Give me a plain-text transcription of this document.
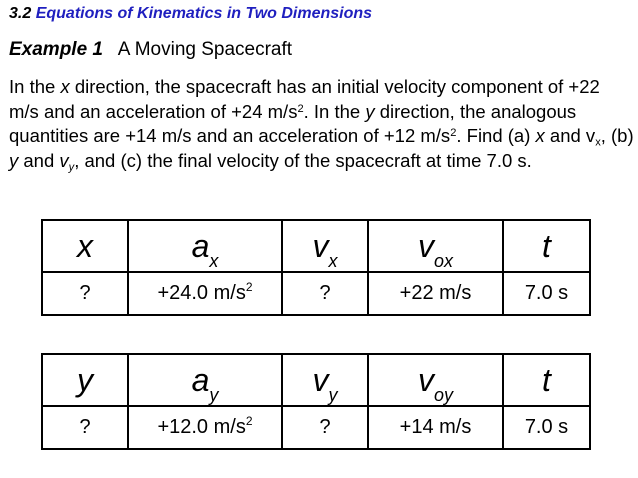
3.2 Equations of Kinematics in Two Dimensions
Example 1 A Moving Spacecraft
In the x direction, the spacecraft has an initial velocity component of +22 m/s and an acceleration of +24 $m/s^2$. In the y direction, the analogous quantities are +14 m/s and an acceleration of +12 $m/s^2$. Find (a) x and $v_x$, (b) y and $v_y$, and (c) the final velocity of the spacecraft at time 7.0 s.
x	$a_x$	$v_x$	$v_{ox}$	t
?	+24.0 $m/s^2$	?	+22 m/s	7.0 s
y	$a_y$	$v_y$	$v_{oy}$	t
?	+12.0 $m/s^2$	?	+14 m/s	7.0 s
